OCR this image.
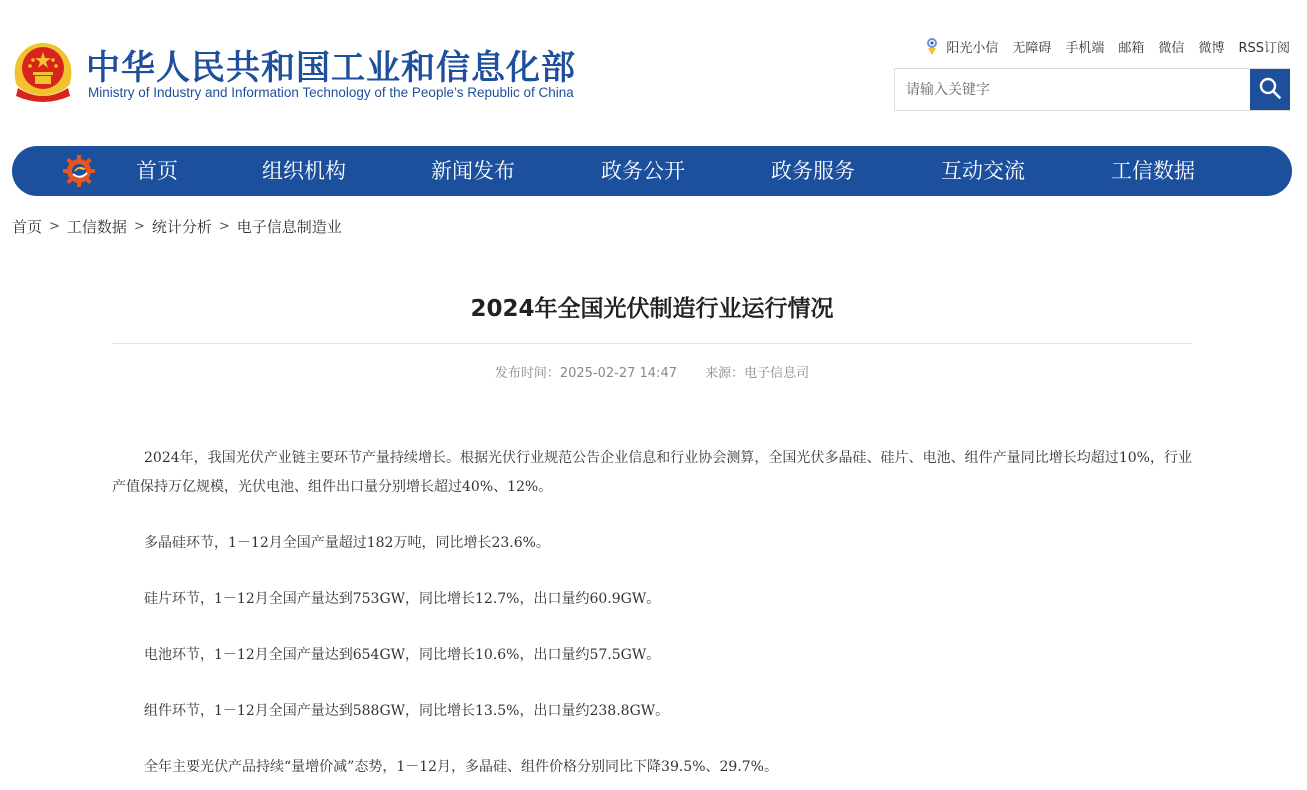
中华人民共和国工业和信息化部
Ministry of Industry and Information Technology of the People’s Republic of China
阳光小信 无障碍 手机端 邮箱 微信 微博 RSS订阅
请输入关键字
首页	组织机构	新闻发布	政务公开	政务服务	互动交流	工信数据
首页 > 工信数据 > 统计分析 > 电子信息制造业
2024年全国光伏制造行业运行情况
发布时间：2025-02-27 14:47 来源：电子信息司

2024年，我国光伏产业链主要环节产量持续增长。根据光伏行业规范公告企业信息和行业协会测算，全国光伏多晶硅、硅片、电池、组件产量同比增长均超过10%，行业产值保持万亿规模，光伏电池、组件出口量分别增长超过40%、12%。

多晶硅环节，1－12月全国产量超过182万吨，同比增长23.6%。

硅片环节，1－12月全国产量达到753GW，同比增长12.7%，出口量约60.9GW。

电池环节，1－12月全国产量达到654GW，同比增长10.6%，出口量约57.5GW。

组件环节，1－12月全国产量达到588GW，同比增长13.5%，出口量约238.8GW。

全年主要光伏产品持续“量增价减”态势，1－12月，多晶硅、组件价格分别同比下降39.5%、29.7%。
